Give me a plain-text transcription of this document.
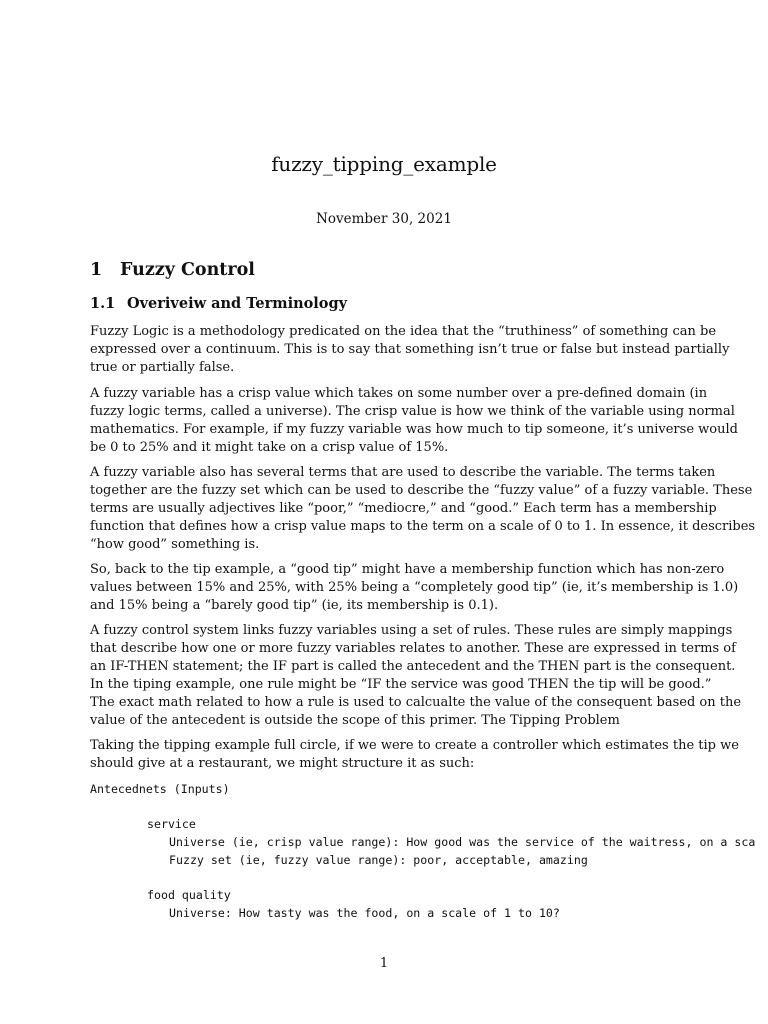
fuzzy_tipping_example
November 30, 2021
1 Fuzzy Control
1.1 Overiveiw and Terminology

Fuzzy Logic is a methodology predicated on the idea that the “truthiness” of something can be
expressed over a continuum. This is to say that something isn’t true or false but instead partially
true or partially false.

A fuzzy variable has a crisp value which takes on some number over a pre-defined domain (in
fuzzy logic terms, called a universe). The crisp value is how we think of the variable using normal
mathematics. For example, if my fuzzy variable was how much to tip someone, it’s universe would
be 0 to 25% and it might take on a crisp value of 15%.

A fuzzy variable also has several terms that are used to describe the variable. The terms taken
together are the fuzzy set which can be used to describe the “fuzzy value” of a fuzzy variable. These
terms are usually adjectives like “poor,” “mediocre,” and “good.” Each term has a membership
function that defines how a crisp value maps to the term on a scale of 0 to 1. In essence, it describes
“how good” something is.

So, back to the tip example, a “good tip” might have a membership function which has non-zero
values between 15% and 25%, with 25% being a “completely good tip” (ie, it’s membership is 1.0)
and 15% being a “barely good tip” (ie, its membership is 0.1).

A fuzzy control system links fuzzy variables using a set of rules. These rules are simply mappings
that describe how one or more fuzzy variables relates to another. These are expressed in terms of
an IF-THEN statement; the IF part is called the antecedent and the THEN part is the consequent.
In the tiping example, one rule might be “IF the service was good THEN the tip will be good.”
The exact math related to how a rule is used to calcualte the value of the consequent based on the
value of the antecedent is outside the scope of this primer. The Tipping Problem

Taking the tipping example full circle, if we were to create a controller which estimates the tip we
should give at a restaurant, we might structure it as such:

Antecednets (Inputs)
service
Universe (ie, crisp value range): How good was the service of the waitress, on a sca
Fuzzy set (ie, fuzzy value range): poor, acceptable, amazing
food quality
Universe: How tasty was the food, on a scale of 1 to 10?
1
